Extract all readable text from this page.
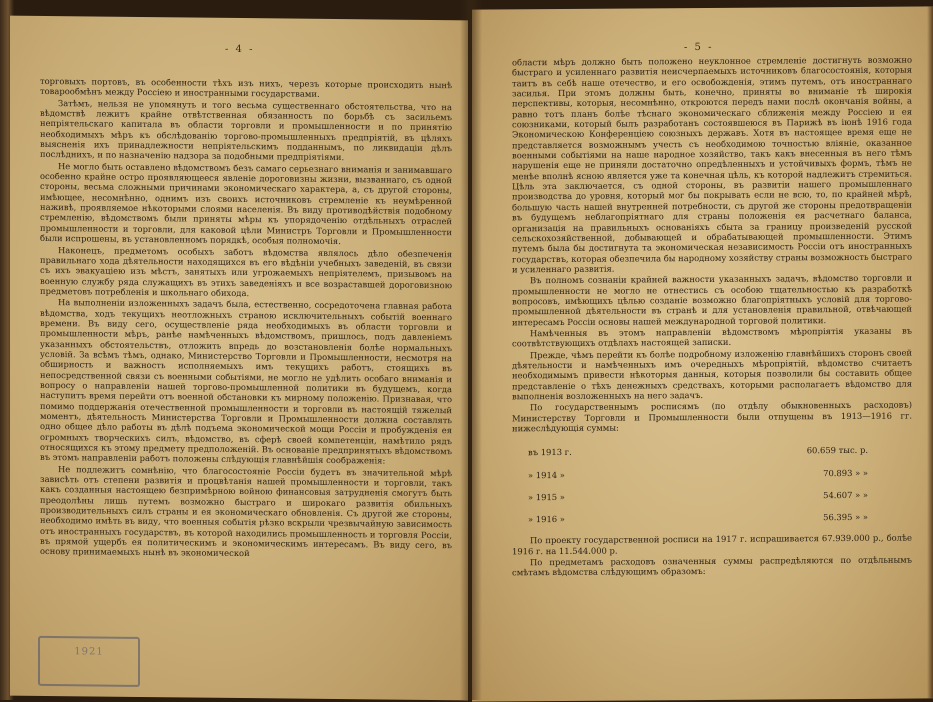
- 4 -

торговыхъ портовъ, въ особенности тѣхъ изъ нихъ, черезъ которые происходить нынѣ товарообмѣнъ между Россiею и иностранными государствами.

Затѣмъ, нельзя не упомянуть и того весьма существеннаго обстоятельства, что на вѣдомствѣ лежитъ крайне отвѣтственная обязанность по борьбѣ съ засильемъ непрiятельскаго капитала въ области торговли и промышленности и по принятiю необходимыхъ мѣръ къ обслѣдованiю торгово-промышленныхъ предпрiятiй, въ цѣляхъ выясненiя ихъ принадлежности непрiятельскимъ подданнымъ, по ликвидацiи дѣлъ послѣднихъ, и по назначенiю надзора за подобными предпрiятiями.

Не могло быть оставлено вѣдомствомъ безъ самаго серьезнаго вниманiя и занимавшаго особенно крайне остро проявляющееся явленiе дороговизны жизни, вызваннаго, съ одной стороны, весьма сложными причинами экономическаго характера, а, съ другой стороны, имѣющее, несомнѣнно, однимъ изъ своихъ источниковъ стремленiе къ неумѣренной наживѣ, проявляемое нѣкоторыми слоями населенiя. Въ виду противодѣйствiя подобному стремленiю, вѣдомствомъ были приняты мѣры къ упорядоченiю отдѣльныхъ отраслей промышленности и торговли, для каковой цѣли Министръ Торговли и Промышленности были испрошены, въ установленномъ порядкѣ, особыя полномочiя.

Наконецъ, предметомъ особыхъ заботъ вѣдомства являлось дѣло обезпеченiя правильнаго хода дѣятельности находящихся въ его вѣдѣнiи учебныхъ заведенiй, въ связи съ ихъ эвакуацiею изъ мѣстъ, занятыхъ или угрожаемыхъ непрiятелемъ, призывомъ на военную службу ряда служащихъ въ этихъ заведенiяхъ и все возраставшей дороговизною предметовъ потребленiя и школьнаго обихода.

На выполненiи изложенныхъ задачъ была, естественно, сосредоточена главная работа вѣдомства, ходъ текущихъ неотложныхъ страною исключительныхъ событiй военнаго времени. Въ виду сего, осуществленiе ряда необходимыхъ въ области торговли и промышленности мѣръ, ранѣе намѣченныхъ вѣдомствомъ, пришлось, подъ давленiемъ указанныхъ обстоятельствъ, отложить впредь до возстановленiя болѣе нормальныхъ условiй. За всѣмъ тѣмъ, однако, Министерство Торговли и Промышленности, несмотря на обширность и важность исполняемыхъ имъ текущихъ работъ, стоящихъ въ непосредственной связи съ военными событiями, не могло не удѣлить особаго вниманiя и вопросу о направленiи нашей торгово-промышленной политики въ будущемъ, когда наступитъ время перейти отъ военной обстановки къ мирному положенiю. Признавая, что помимо поддержанiя отечественной промышленности и торговли въ настоящiй тяжелый моментъ, дѣятельность Министерства Торговли и Промышленности должна составлять одно общее дѣло работы въ дѣлѣ подъема экономической мощи Россiи и пробужденiя ея огромныхъ творческихъ силъ, вѣдомство, въ сферѣ своей компетенцiи, намѣтило рядъ относящихся къ этому предмету предположенiй. Въ основанiе предпринятыхъ вѣдомствомъ въ этомъ направленiи работъ положены слѣдующiя главнѣйшiя соображенiя:

Не подлежитъ сомнѣнiю, что благосостоянiе Россiи будетъ въ значительной мѣрѣ зависѣть отъ степени развитiя и процвѣтанiя нашей промышленности и торговли, такъ какъ созданныя настоящею безпримѣрною войною финансовыя затрудненiя смогутъ быть преодолѣны лишь путемъ возможно быстраго и широкаго развитiя обильныхъ производительныхъ силъ страны и ея экономическаго обновленiя. Съ другой же стороны, необходимо имѣть въ виду, что военныя событiя рѣзко вскрыли чрезвычайную зависимость отъ иностранныхъ государствъ, въ которой находились промышленность и торговля Россiи, въ прямой ущербъ ея политическимъ и экономическимъ интересамъ. Въ виду сего, въ основу принимаемыхъ нынѣ въ экономической

1921
- 5 -

области мѣръ должно быть положено неуклонное стремленiе достигнуть возможно быстраго и усиленнаго развитiя неисчерпаемыхъ источниковъ благосостоянiя, которыя таитъ въ себѣ наше отечество, и его освобожденiя, этимъ путемъ, отъ иностраннаго засилья. При этомъ должны быть, конечно, приняты во вниманiе тѣ широкiя перспективы, которыя, несомнѣнно, откроются передъ нами послѣ окончанiя войны, а равно тотъ планъ болѣе тѣснаго экономическаго сближенiя между Россiею и ея союзниками, который былъ разработанъ состоявшеюся въ Парижѣ въ iюнѣ 1916 года Экономическою Конференцiею союзныхъ державъ. Хотя въ настоящее время еще не представляется возможнымъ учесть съ необходимою точностью влiянiе, оказанное военными событiями на наше народное хозяйство, такъ какъ внесенныя въ него тѣмъ нарушенiя еще не приняли достаточно опредѣленныхъ и устойчивыхъ формъ, тѣмъ не менѣе вполнѣ ясною является уже та конечная цѣль, къ которой надлежитъ стремиться. Цѣль эта заключается, съ одной стороны, въ развитiи нашего промышленнаго производства до уровня, который мог бы покрывать если не всю, то, по крайней мѣрѣ, большую часть нашей внутренней потребности, съ другой же стороны предотвращенiи въ будущемъ неблагопрiятнаго для страны положенiя ея расчетнаго баланса, организацiя на правильныхъ основанiяхъ сбыта за границу произведенiй русской сельскохозяйственной, добывающей и обрабатывающей промышленности. Этимъ путемъ была бы достигнута та экономическая независимость Россiи отъ иностранныхъ государствъ, которая обезпечила бы народному хозяйству страны возможность быстраго и усиленнаго развитiя.

Въ полномъ сознанiи крайней важности указанныхъ задачъ, вѣдомство торговли и промышленности не могло не отнестись съ особою тщательностью къ разработкѣ вопросовъ, имѣющихъ цѣлью созданiе возможно благопрiятныхъ условiй для торгово-промышленной дѣятельности въ странѣ и для установленiя правильной, отвѣчающей интересамъ Россiи основы нашей международной торговой политики.

Намѣченныя въ этомъ направленiи вѣдомствомъ мѣропрiятiя указаны въ соотвѣтствующихъ отдѣлахъ настоящей записки.

Прежде, чѣмъ перейти къ болѣе подробному изложенiю главнѣйшихъ сторонъ своей дѣятельности и намѣченныхъ имъ очередныхъ мѣропрiятiй, вѣдомство считаетъ необходимымъ привести нѣкоторыя данныя, которыя позволили бы составить общее представленiе о тѣхъ денежныхъ средствахъ, которыми располагаетъ вѣдомство для выполненiя возложенныхъ на него задачъ.

По государственнымъ росписямъ (по отдѣлу обыкновенныхъ расходовъ) Министерству Торговли и Промышленности были отпущены въ 1913—1916 гг. нижеслѣдующiя суммы:

въ 1913 г.		60.659 тыс. р.
» 1914 »		70.893 » »
» 1915 »		54.607 » »
» 1916 »		56.395 » »

По проекту государственной росписи на 1917 г. испрашивается 67.939.000 р., болѣе 1916 г. на 11.544.000 р.

По предметамъ расходовъ означенныя суммы распредѣляются по отдѣльнымъ смѣтамъ вѣдомства слѣдующимъ образомъ:
